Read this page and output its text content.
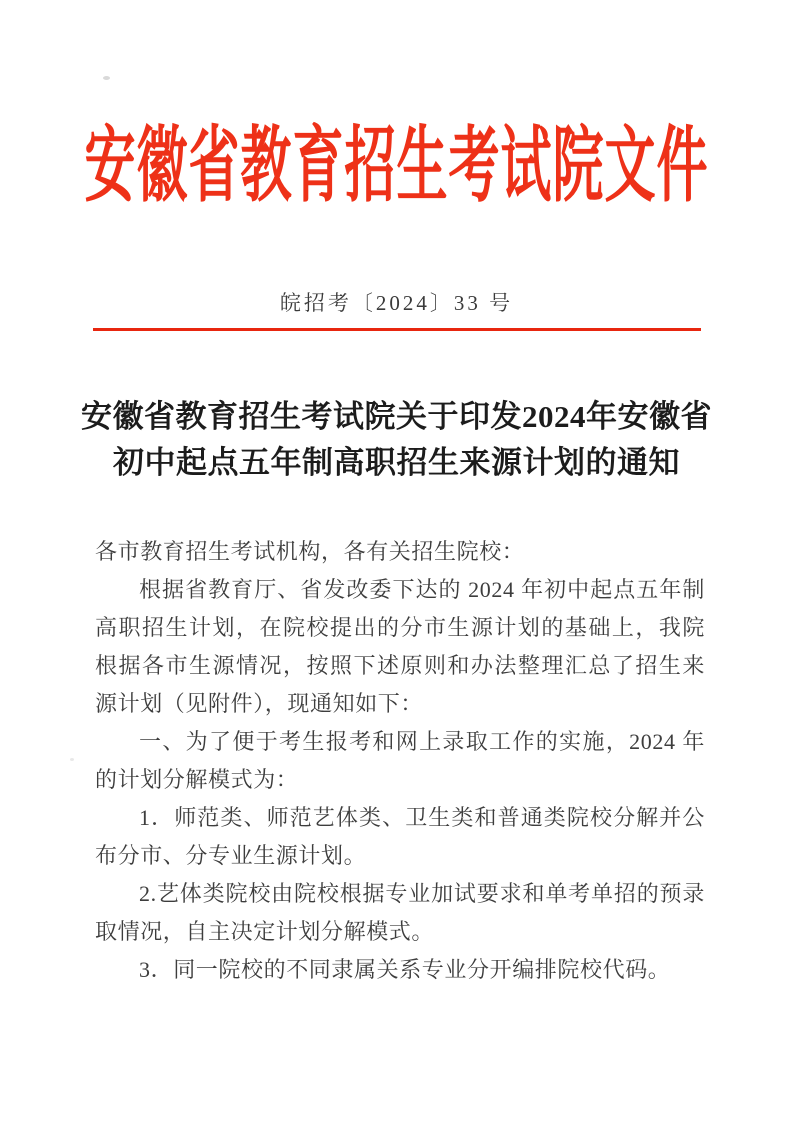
安徽省教育招生考试院文件
皖招考〔2024〕33 号
安徽省教育招生考试院关于印发2024年安徽省
初中起点五年制高职招生来源计划的通知

各市教育招生考试机构，各有关招生院校：

根据省教育厅、省发改委下达的 2024 年初中起点五年制高职招生计划，在院校提出的分市生源计划的基础上，我院根据各市生源情况，按照下述原则和办法整理汇总了招生来源计划（见附件），现通知如下：

一、为了便于考生报考和网上录取工作的实施，2024 年的计划分解模式为：

1．师范类、师范艺体类、卫生类和普通类院校分解并公布分市、分专业生源计划。

2.艺体类院校由院校根据专业加试要求和单考单招的预录取情况，自主决定计划分解模式。

3．同一院校的不同隶属关系专业分开编排院校代码。
